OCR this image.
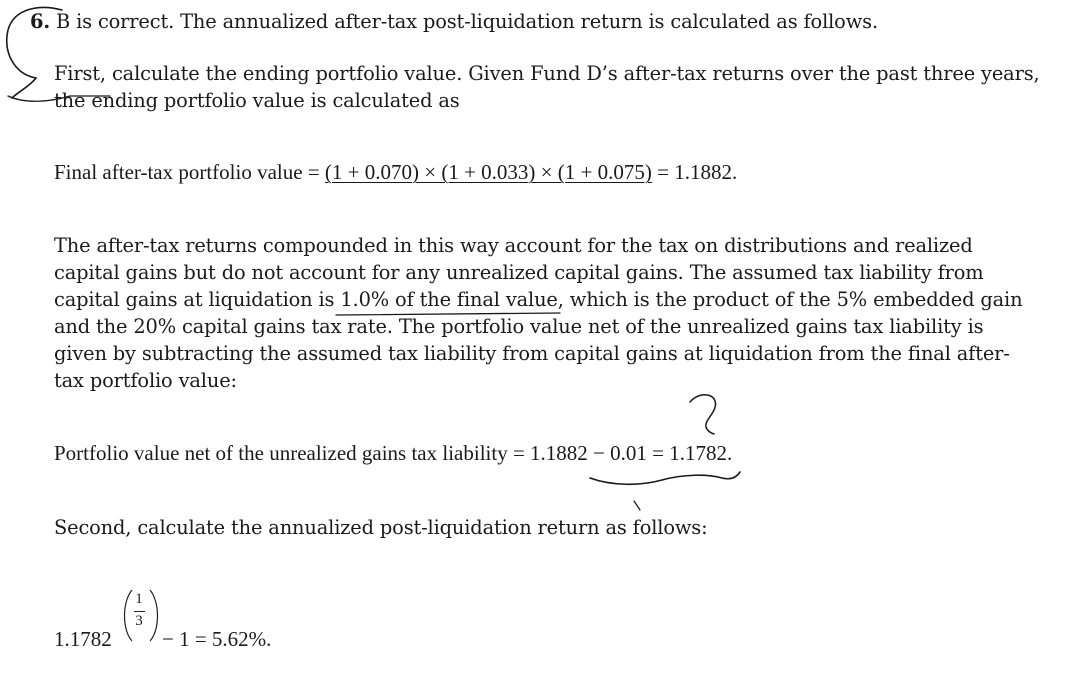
6. B is correct. The annualized after-tax post-liquidation return is calculated as follows.
First, calculate the ending portfolio value. Given Fund D’s after-tax returns over the past three years,
the ending portfolio value is calculated as
Final after-tax portfolio value = (1 + 0.070) × (1 + 0.033) × (1 + 0.075) = 1.1882.
The after-tax returns compounded in this way account for the tax on distributions and realized
capital gains but do not account for any unrealized capital gains. The assumed tax liability from
capital gains at liquidation is 1.0% of the final value, which is the product of the 5% embedded gain
and the 20% capital gains tax rate. The portfolio value net of the unrealized gains tax liability is
given by subtracting the assumed tax liability from capital gains at liquidation from the final after-
tax portfolio value:
Portfolio value net of the unrealized gains tax liability = 1.1882 − 0.01 = 1.1782.
Second, calculate the annualized post-liquidation return as follows:
1.1782
1
3
− 1 = 5.62%.
